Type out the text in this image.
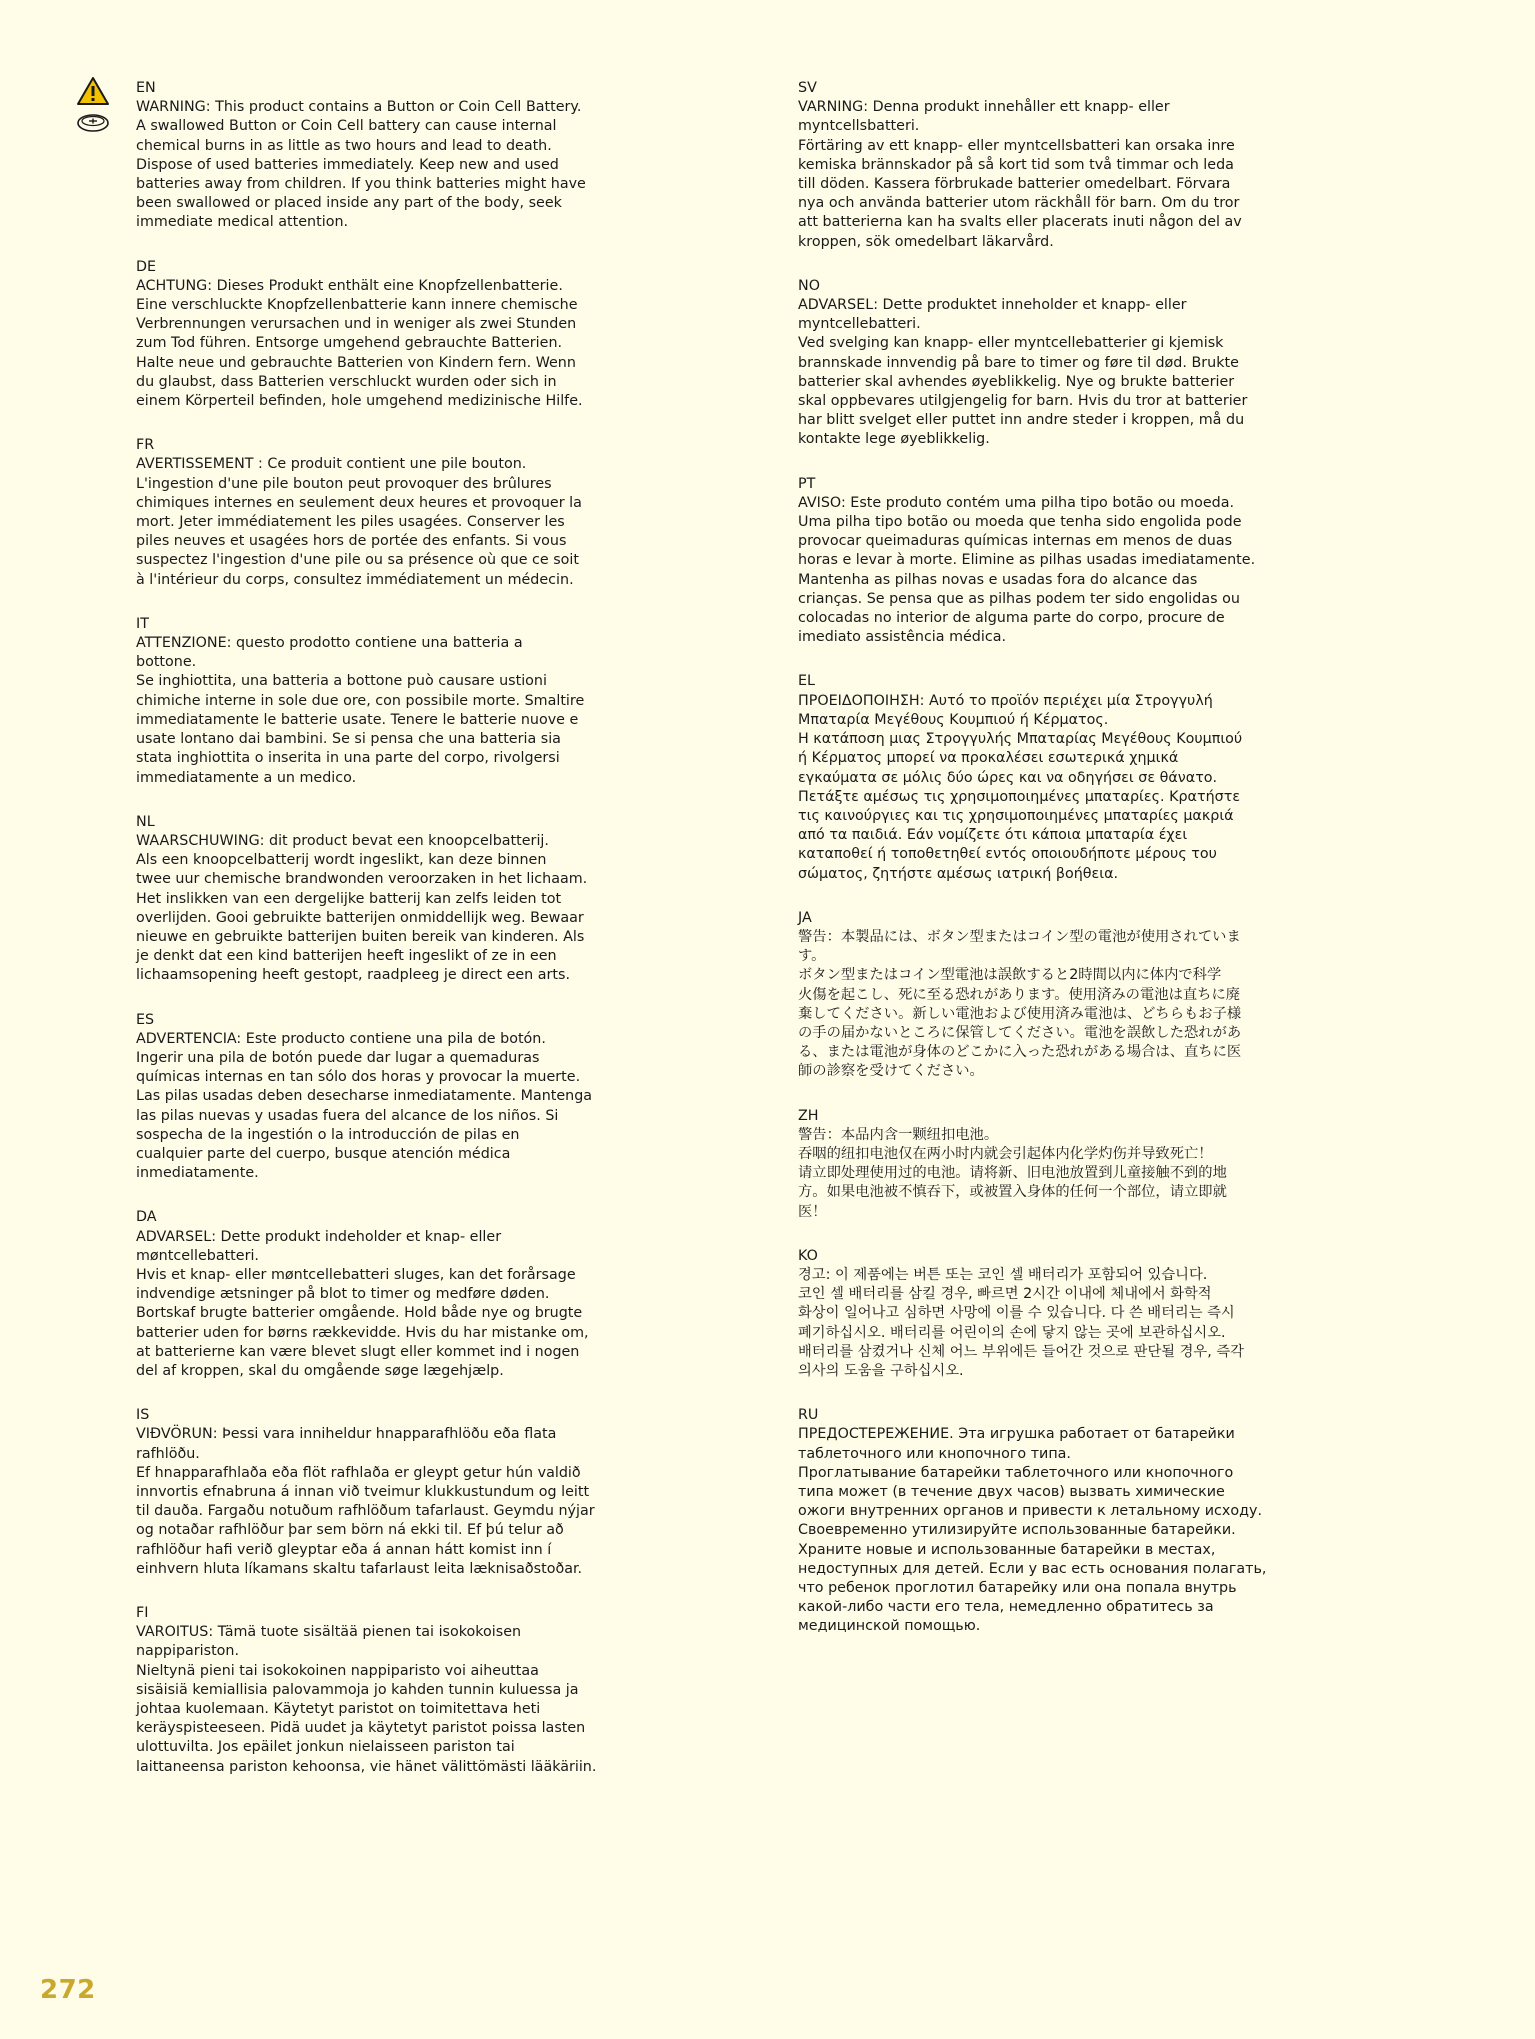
EN
WARNING: This product contains a Button or Coin Cell Battery.
A swallowed Button or Coin Cell battery can cause internal
chemical burns in as little as two hours and lead to death.
Dispose of used batteries immediately. Keep new and used
batteries away from children. If you think batteries might have
been swallowed or placed inside any part of the body, seek
immediate medical attention.
DE
ACHTUNG: Dieses Produkt enthält eine Knopfzellenbatterie.
Eine verschluckte Knopfzellenbatterie kann innere chemische
Verbrennungen verursachen und in weniger als zwei Stunden
zum Tod führen. Entsorge umgehend gebrauchte Batterien.
Halte neue und gebrauchte Batterien von Kindern fern. Wenn
du glaubst, dass Batterien verschluckt wurden oder sich in
einem Körperteil befinden, hole umgehend medizinische Hilfe.
FR
AVERTISSEMENT : Ce produit contient une pile bouton.
L'ingestion d'une pile bouton peut provoquer des brûlures
chimiques internes en seulement deux heures et provoquer la
mort. Jeter immédiatement les piles usagées. Conserver les
piles neuves et usagées hors de portée des enfants. Si vous
suspectez l'ingestion d'une pile ou sa présence où que ce soit
à l'intérieur du corps, consultez immédiatement un médecin.
IT
ATTENZIONE: questo prodotto contiene una batteria a
bottone.
Se inghiottita, una batteria a bottone può causare ustioni
chimiche interne in sole due ore, con possibile morte. Smaltire
immediatamente le batterie usate. Tenere le batterie nuove e
usate lontano dai bambini. Se si pensa che una batteria sia
stata inghiottita o inserita in una parte del corpo, rivolgersi
immediatamente a un medico.
NL
WAARSCHUWING: dit product bevat een knoopcelbatterij.
Als een knoopcelbatterij wordt ingeslikt, kan deze binnen
twee uur chemische brandwonden veroorzaken in het lichaam.
Het inslikken van een dergelijke batterij kan zelfs leiden tot
overlijden. Gooi gebruikte batterijen onmiddellijk weg. Bewaar
nieuwe en gebruikte batterijen buiten bereik van kinderen. Als
je denkt dat een kind batterijen heeft ingeslikt of ze in een
lichaamsopening heeft gestopt, raadpleeg je direct een arts.
ES
ADVERTENCIA: Este producto contiene una pila de botón.
Ingerir una pila de botón puede dar lugar a quemaduras
químicas internas en tan sólo dos horas y provocar la muerte.
Las pilas usadas deben desecharse inmediatamente. Mantenga
las pilas nuevas y usadas fuera del alcance de los niños. Si
sospecha de la ingestión o la introducción de pilas en
cualquier parte del cuerpo, busque atención médica
inmediatamente.
DA
ADVARSEL: Dette produkt indeholder et knap- eller
møntcellebatteri.
Hvis et knap- eller møntcellebatteri sluges, kan det forårsage
indvendige ætsninger på blot to timer og medføre døden.
Bortskaf brugte batterier omgående. Hold både nye og brugte
batterier uden for børns rækkevidde. Hvis du har mistanke om,
at batterierne kan være blevet slugt eller kommet ind i nogen
del af kroppen, skal du omgående søge lægehjælp.
IS
VIÐVÖRUN: Þessi vara inniheldur hnapparafhlöðu eða flata
rafhlöðu.
Ef hnapparafhlaða eða flöt rafhlaða er gleypt getur hún valdið
innvortis efnabruna á innan við tveimur klukkustundum og leitt
til dauða. Fargaðu notuðum rafhlöðum tafarlaust. Geymdu nýjar
og notaðar rafhlöður þar sem börn ná ekki til. Ef þú telur að
rafhlöður hafi verið gleyptar eða á annan hátt komist inn í
einhvern hluta líkamans skaltu tafarlaust leita læknisaðstoðar.
FI
VAROITUS: Tämä tuote sisältää pienen tai isokokoisen
nappipariston.
Nieltynä pieni tai isokokoinen nappiparisto voi aiheuttaa
sisäisiä kemiallisia palovammoja jo kahden tunnin kuluessa ja
johtaa kuolemaan. Käytetyt paristot on toimitettava heti
keräyspisteeseen. Pidä uudet ja käytetyt paristot poissa lasten
ulottuvilta. Jos epäilet jonkun nielaisseen pariston tai
laittaneensa pariston kehoonsa, vie hänet välittömästi lääkäriin.
SV
VARNING: Denna produkt innehåller ett knapp- eller
myntcellsbatteri.
Förtäring av ett knapp- eller myntcellsbatteri kan orsaka inre
kemiska brännskador på så kort tid som två timmar och leda
till döden. Kassera förbrukade batterier omedelbart. Förvara
nya och använda batterier utom räckhåll för barn. Om du tror
att batterierna kan ha svalts eller placerats inuti någon del av
kroppen, sök omedelbart läkarvård.
NO
ADVARSEL: Dette produktet inneholder et knapp- eller
myntcellebatteri.
Ved svelging kan knapp- eller myntcellebatterier gi kjemisk
brannskade innvendig på bare to timer og føre til død. Brukte
batterier skal avhendes øyeblikkelig. Nye og brukte batterier
skal oppbevares utilgjengelig for barn. Hvis du tror at batterier
har blitt svelget eller puttet inn andre steder i kroppen, må du
kontakte lege øyeblikkelig.
PT
AVISO: Este produto contém uma pilha tipo botão ou moeda.
Uma pilha tipo botão ou moeda que tenha sido engolida pode
provocar queimaduras químicas internas em menos de duas
horas e levar à morte. Elimine as pilhas usadas imediatamente.
Mantenha as pilhas novas e usadas fora do alcance das
crianças. Se pensa que as pilhas podem ter sido engolidas ou
colocadas no interior de alguma parte do corpo, procure de
imediato assistência médica.
EL
ΠΡΟΕΙΔΟΠΟΙΗΣΗ: Αυτό το προϊόν περιέχει μία Στρογγυλή
Μπαταρία Μεγέθους Κουμπιού ή Κέρματος.
Η κατάποση μιας Στρογγυλής Μπαταρίας Μεγέθους Κουμπιού
ή Κέρματος μπορεί να προκαλέσει εσωτερικά χημικά
εγκαύματα σε μόλις δύο ώρες και να οδηγήσει σε θάνατο.
Πετάξτε αμέσως τις χρησιμοποιημένες μπαταρίες. Κρατήστε
τις καινούργιες και τις χρησιμοποιημένες μπαταρίες μακριά
από τα παιδιά. Εάν νομίζετε ότι κάποια μπαταρία έχει
καταποθεί ή τοποθετηθεί εντός οποιουδήποτε μέρους του
σώματος, ζητήστε αμέσως ιατρική βοήθεια.
JA
警告：本製品には、ボタン型またはコイン型の電池が使用されていま
す。
ボタン型またはコイン型電池は誤飲すると2時間以内に体内で科学
火傷を起こし、死に至る恐れがあります。使用済みの電池は直ちに廃
棄してください。新しい電池および使用済み電池は、どちらもお子様
の手の届かないところに保管してください。電池を誤飲した恐れがあ
る、または電池が身体のどこかに入った恐れがある場合は、直ちに医
師の診察を受けてください。
ZH
警告：本品内含一颗纽扣电池。
吞咽的纽扣电池仅在两小时内就会引起体内化学灼伤并导致死亡！
请立即处理使用过的电池。请将新、旧电池放置到儿童接触不到的地
方。如果电池被不慎吞下，或被置入身体的任何一个部位，请立即就
医！
KO
경고: 이 제품에는 버튼 또는 코인 셀 배터리가 포함되어 있습니다.
코인 셀 배터리를 삼킬 경우, 빠르면 2시간 이내에 체내에서 화학적
화상이 일어나고 심하면 사망에 이를 수 있습니다. 다 쓴 배터리는 즉시
폐기하십시오. 배터리를 어린이의 손에 닿지 않는 곳에 보관하십시오.
배터리를 삼켰거나 신체 어느 부위에든 들어간 것으로 판단될 경우, 즉각
의사의 도움을 구하십시오.
RU
ПРЕДОСТЕРЕЖЕНИЕ. Эта игрушка работает от батарейки
таблеточного или кнопочного типа.
Проглатывание батарейки таблеточного или кнопочного
типа может (в течение двух часов) вызвать химические
ожоги внутренних органов и привести к летальному исходу.
Своевременно утилизируйте использованные батарейки.
Храните новые и использованные батарейки в местах,
недоступных для детей. Если у вас есть основания полагать,
что ребенок проглотил батарейку или она попала внутрь
какой-либо части его тела, немедленно обратитесь за
медицинской помощью.
272
